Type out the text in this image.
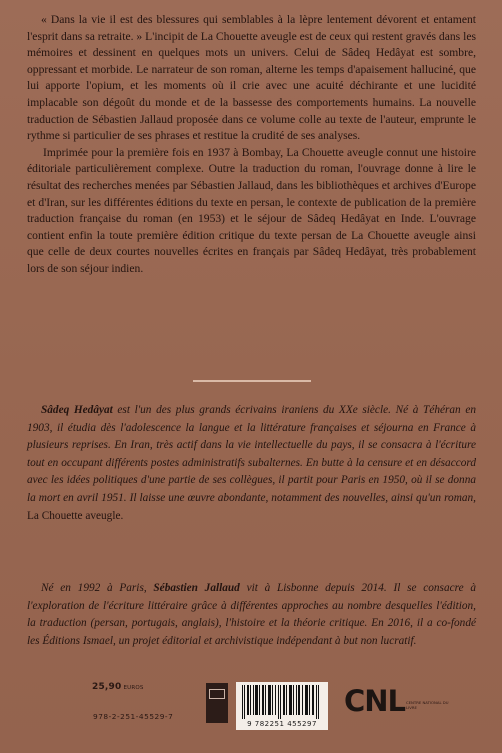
« Dans la vie il est des blessures qui semblables à la lèpre lentement dévorent et entament l'esprit dans sa retraite. » L'incipit de La Chouette aveugle est de ceux qui restent gravés dans les mémoires et dessinent en quelques mots un univers. Celui de Sâdeq Hedâyat est sombre, oppressant et morbide. Le narrateur de son roman, alterne les temps d'apaisement halluciné, que lui apporte l'opium, et les moments où il crie avec une acuité déchirante et une lucidité implacable son dégoût du monde et de la bassesse des comportements humains. La nouvelle traduction de Sébastien Jallaud proposée dans ce volume colle au texte de l'auteur, emprunte le rythme si particulier de ses phrases et restitue la crudité de ses analyses.

Imprimée pour la première fois en 1937 à Bombay, La Chouette aveugle connut une histoire éditoriale particulièrement complexe. Outre la traduction du roman, l'ouvrage donne à lire le résultat des recherches menées par Sébastien Jallaud, dans les bibliothèques et archives d'Europe et d'Iran, sur les différentes éditions du texte en persan, le contexte de publication de la première traduction française du roman (en 1953) et le séjour de Sâdeq Hedâyat en Inde. L'ouvrage contient enfin la toute première édition critique du texte persan de La Chouette aveugle ainsi que celle de deux courtes nouvelles écrites en français par Sâdeq Hedâyat, très probablement lors de son séjour indien.

Sâdeq Hedâyat est l'un des plus grands écrivains iraniens du XXe siècle. Né à Téhéran en 1903, il étudia dès l'adolescence la langue et la littérature françaises et séjourna en France à plusieurs reprises. En Iran, très actif dans la vie intellectuelle du pays, il se consacra à l'écriture tout en occupant différents postes administratifs subalternes. En butte à la censure et en désaccord avec les idées politiques d'une partie de ses collègues, il partit pour Paris en 1950, où il se donna la mort en avril 1951. Il laisse une œuvre abondante, notamment des nouvelles, ainsi qu'un roman, La Chouette aveugle.

Né en 1992 à Paris, Sébastien Jallaud vit à Lisbonne depuis 2014. Il se consacre à l'exploration de l'écriture littéraire grâce à différentes approches au nombre desquelles l'édition, la traduction (persan, portugais, anglais), l'histoire et la théorie critique. En 2016, il a co-fondé les Éditions Ismael, un projet éditorial et archivistique indépendant à but non lucratif.

25,90 EUROS
978-2-251-45529-7
9 782251 455297
CNL CENTRE NATIONAL DU LIVRE
